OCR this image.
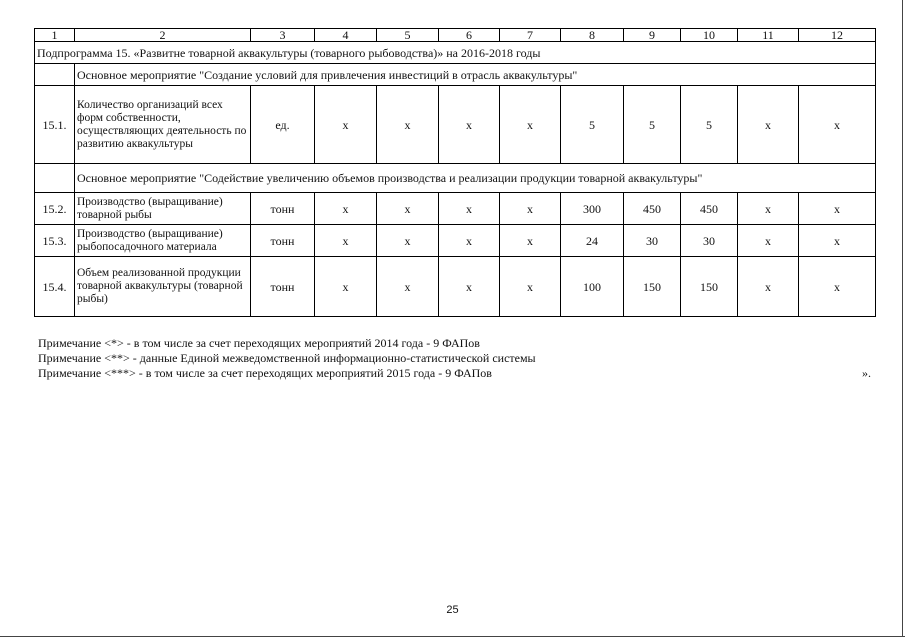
1	2	3	4	5	6	7	8	9	10	11	12
Подпрограмма 15. «Развитне товарной аквакультуры (товарного рыбоводства)» на 2016-2018 годы											
	Основное мероприятие "Создание условий для привлечения инвестиций в отрасль аквакультуры"										
15.1.	Количество организаций всех форм собственности, осуществляющих деятельность по развитию аквакультуры	ед.	х	х	х	х	5	5	5	х	х
	Основное мероприятие "Содействие увеличению объемов производства и реализации продукции товарной аквакультуры"										
15.2.	Производство (выращивание) товарной рыбы	тонн	х	х	х	х	300	450	450	х	х
15.3.	Производство (выращивание) рыбопосадочного материала	тонн	х	х	х	х	24	30	30	х	х
15.4.	Объем реализованной продукции товарной аквакультуры (товарной рыбы)	тонн	х	х	х	х	100	150	150	х	х
Примечание <*> - в том числе за счет переходящих мероприятий 2014 года - 9 ФАПов
Примечание <**> - данные Единой межведомственной информационно-статистической системы
Примечание <***> - в том числе за счет переходящих мероприятий 2015 года - 9 ФАПов	».
25
